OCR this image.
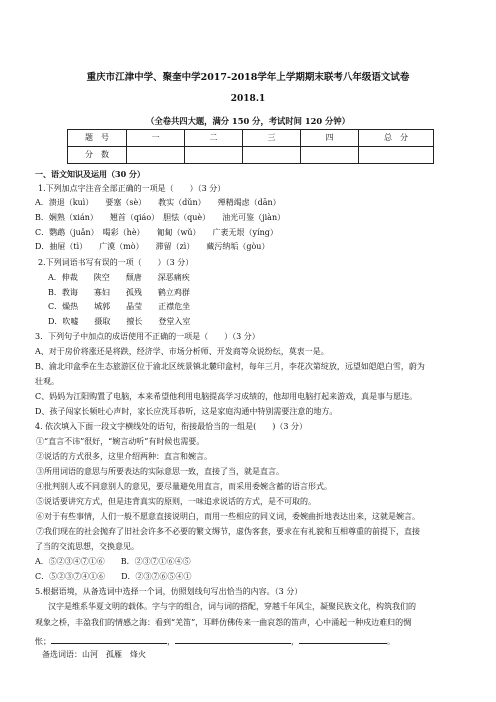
重庆市江津中学、聚奎中学2017-2018学年上学期期末联考八年级语文试卷
2018.1
（全卷共四大题，满分 150 分，考试时间 120 分钟）
题　号	一	二	三	四	总　分
分　数					
一、语文知识及运用（30 分）
1.下列加点字注音全部正确的一项是（　　）（3 分）
A．溃退（kuì）　　要塞（sè）　　教实（dǔn）　　殚精竭虑（dān）
B．娴熟（xián）　　翘首（qiáo）　胆怯（què）　　油光可鉴（jiàn）
C．鹦鹉（juǎn）　喝彩（hè）　　匍匐（wǔ）　　广袤无垠（yíng）
D．抽屉（tì）　　广漠（mò）　　滞留（zì）　　藏污纳垢（gòu）
2.下列词语书写有误的一项（　　）（3 分）
A．伸裁　　陕空　　颓唐　　深恶痛疾
B．教诲　　寡妇　　孤残　　鹤立鸡群
C．燥热　　城郭　　晶莹　　正襟危坐
D．吹嘘　　摄取　　擅长　　登堂入室
3．下列句子中加点的成语使用不正确的一项是（　　）（3 分）
A、对于房价将涨还是将跌，经济学、市场分析师、开发商等众说纷纭，莫衷一是。
B、渝北印盒季在生态旅游区位于渝北区统景镇北麓印盒村，每年三月，李花次第绽放，远望如皑皑白雪，蔚为
壮观。
C、妈妈为江阳购置了电脑，本来希望他利用电脑提高学习成绩的，他却用电脑打起来游戏，真是事与愿违。
D、孩子闯家长频吐心声时，家长应洗耳恭听，这是家庭沟通中特别需要注意的地方。
4. 依次填入下面一段文字横线处的语句，衔接最恰当的一组是(　　)（3 分）
①“直言不讳”很好，“婉言动听”有时候也需要。
②说话的方式很多，这里介绍两种：直言和婉言。
③所用词语的意思与所要表达的实际意思一致，直接了当，就是直言。
④批判别人或不同意别人的意见，要尽量避免用直言，而采用委婉含蓄的语言形式。
⑤说话要讲究方式，但是违背真实的原则，一味追求说话的方式，是不可取的。
⑥对于有些事情，人们一般不愿意直接说明白，而用一些相应的同义词，委婉曲折地表达出来，这就是婉言。
⑦我们现在的社会抛弃了旧社会许多不必要的繁文缛节，虚伪客套，要求在有礼貌和互相尊重的前提下，直接
了当的交流思想，交换意见。
A．⑤②③④⑦①⑥　　B．②③⑦①⑥④⑤
C．⑤②③⑦④①⑥　　D．②③⑦⑥⑤④①
5.根据语境，从备选词中选择一个词，仿照划线句写出恰当的内容。（3 分）
汉字是维系华夏文明的载体。字与字的组合，词与词的搭配，穿越千年风尘，凝聚民族文化，构筑我们的
观象之桥，丰盈我们的情感之海：看到“羌笛”，耳畔仿佛传来一曲哀怨的笛声，心中涌起一种戍边难归的惆
怅；	，	，	。
备选词语：山河　孤雁　烽火
